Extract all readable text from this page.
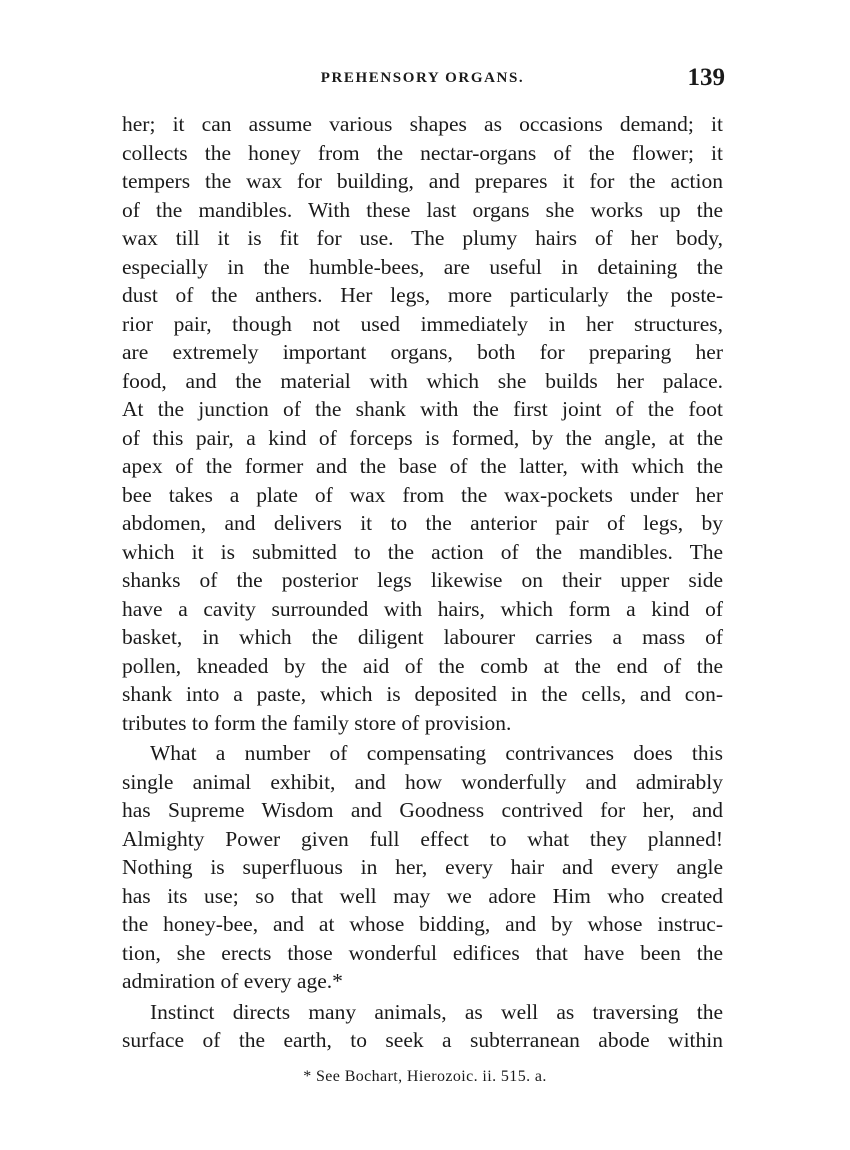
PREHENSORY ORGANS.	139
her; it can assume various shapes as occasions demand; it
collects the honey from the nectar-organs of the flower; it
tempers the wax for building, and prepares it for the action
of the mandibles. With these last organs she works up the
wax till it is fit for use. The plumy hairs of her body,
especially in the humble-bees, are useful in detaining the
dust of the anthers. Her legs, more particularly the poste-
rior pair, though not used immediately in her structures,
are extremely important organs, both for preparing her
food, and the material with which she builds her palace.
At the junction of the shank with the first joint of the foot
of this pair, a kind of forceps is formed, by the angle, at the
apex of the former and the base of the latter, with which the
bee takes a plate of wax from the wax-pockets under her
abdomen, and delivers it to the anterior pair of legs, by
which it is submitted to the action of the mandibles. The
shanks of the posterior legs likewise on their upper side
have a cavity surrounded with hairs, which form a kind of
basket, in which the diligent labourer carries a mass of
pollen, kneaded by the aid of the comb at the end of the
shank into a paste, which is deposited in the cells, and con-
tributes to form the family store of provision.
What a number of compensating contrivances does this
single animal exhibit, and how wonderfully and admirably
has Supreme Wisdom and Goodness contrived for her, and
Almighty Power given full effect to what they planned!
Nothing is superfluous in her, every hair and every angle
has its use; so that well may we adore Him who created
the honey-bee, and at whose bidding, and by whose instruc-
tion, she erects those wonderful edifices that have been the
admiration of every age.*
Instinct directs many animals, as well as traversing the
surface of the earth, to seek a subterranean abode within
* See Bochart, Hierozoic. ii. 515. a.
